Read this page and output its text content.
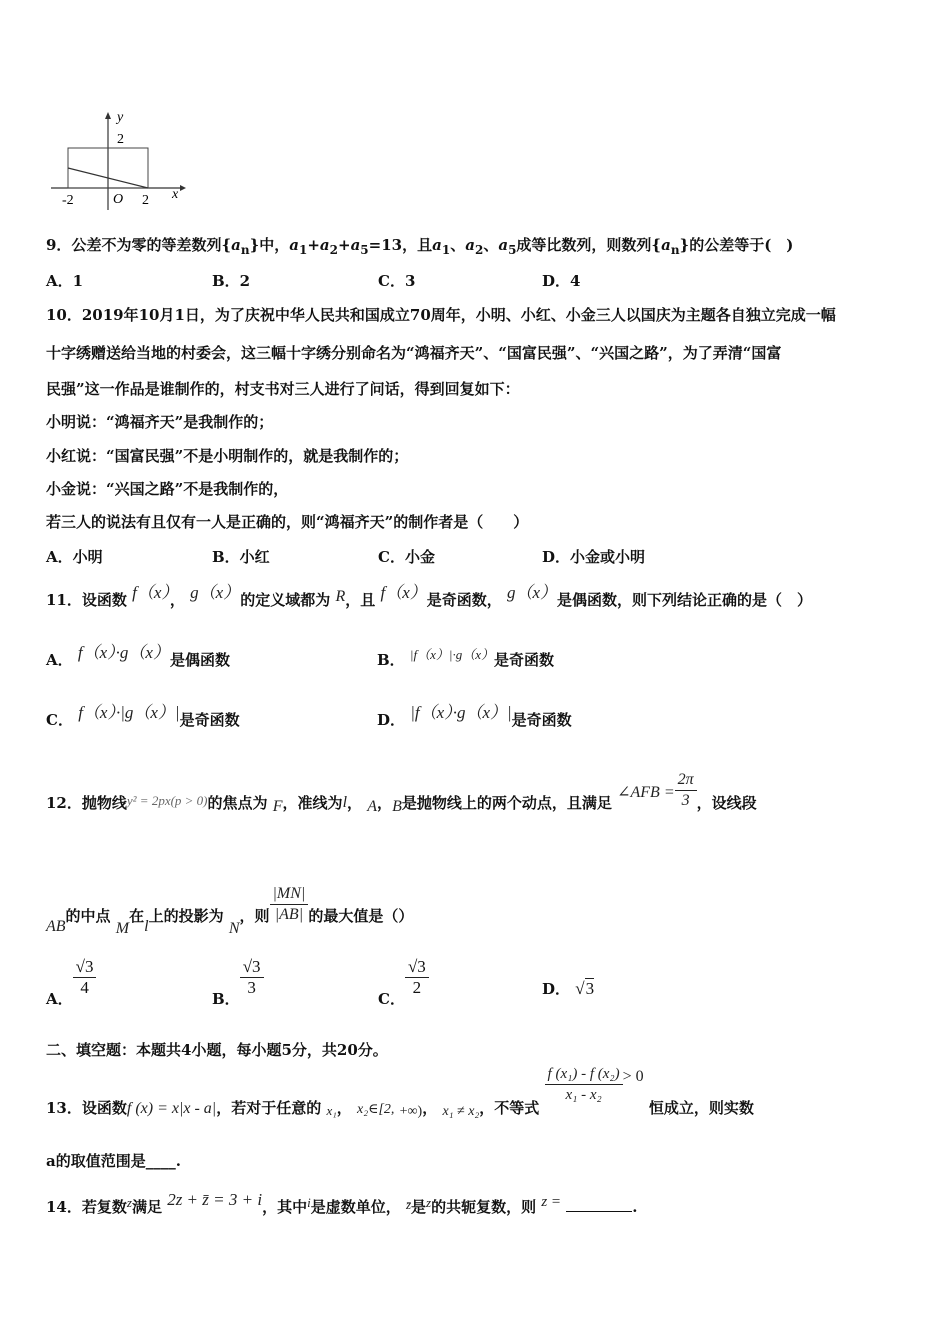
y
x
2
O
-2	2
9．公差不为零的等差数列$\{a_n\}$中，$a_1+a_2+a_5=13$，且$a_1$、$a_2$、$a_5$成等比数列，则数列$\{a_n\}$的公差等于(　)
A．1	B．2	C．3	D．4
10．2019年10月1日，为了庆祝中华人民共和国成立70周年，小明、小红、小金三人以国庆为主题各自独立完成一幅
十字绣赠送给当地的村委会，这三幅十字绣分别命名为“鸿福齐天”、“国富民强”、“兴国之路”，为了弄清“国富
民强”这一作品是谁制作的，村支书对三人进行了问话，得到回复如下：
小明说：“鸿福齐天”是我制作的；
小红说：“国富民强”不是小明制作的，就是我制作的；
小金说：“兴国之路”不是我制作的，
若三人的说法有且仅有一人是正确的，则“鸿福齐天”的制作者是（　　）
A．小明	B．小红	C．小金	D．小金或小明
11．设函数 f（x）， g（x）的定义域都为 R，且 f（x）是奇函数， g（x）是偶函数，则下列结论正确的是（　）
A． f（x）·g（x）是偶函数	B． |f（x）|·g（x）是奇函数
C． f（x）·|g（x）|是奇函数	D． |f（x）·g（x）|是奇函数
12．抛物线y² = 2px(p > 0)的焦点为 F，准线为l， A，B是抛物线上的两个动点，且满足 ∠AFB = $\frac{2\pi}{3}$ ，设线段
AB的中点 M在l上的投影为 N，则 $\frac{|MN|}{|AB|}$ 的最大值是（）
A．
$\frac{√3}{4}$
B．
$\frac{√3}{3}$
C．
$\frac{√3}{2}$	D． √3
二、填空题：本题共4小题，每小题5分，共20分。
13．设函数f (x) = x|x - a|，若对于任意的 x₁， x₂∈[2, +∞)， x₁ ≠ x₂，不等式
$\frac{\text{f (x₁) - f (x₂)}}{\text{x₁ - x₂}} > 0$ 恒成立，则实数
a的取值范围是____.
14．若复数z满足 2z + z̄ = 3 + i，其中i是虚数单位， z̄是z的共轭复数，则 z =	.
